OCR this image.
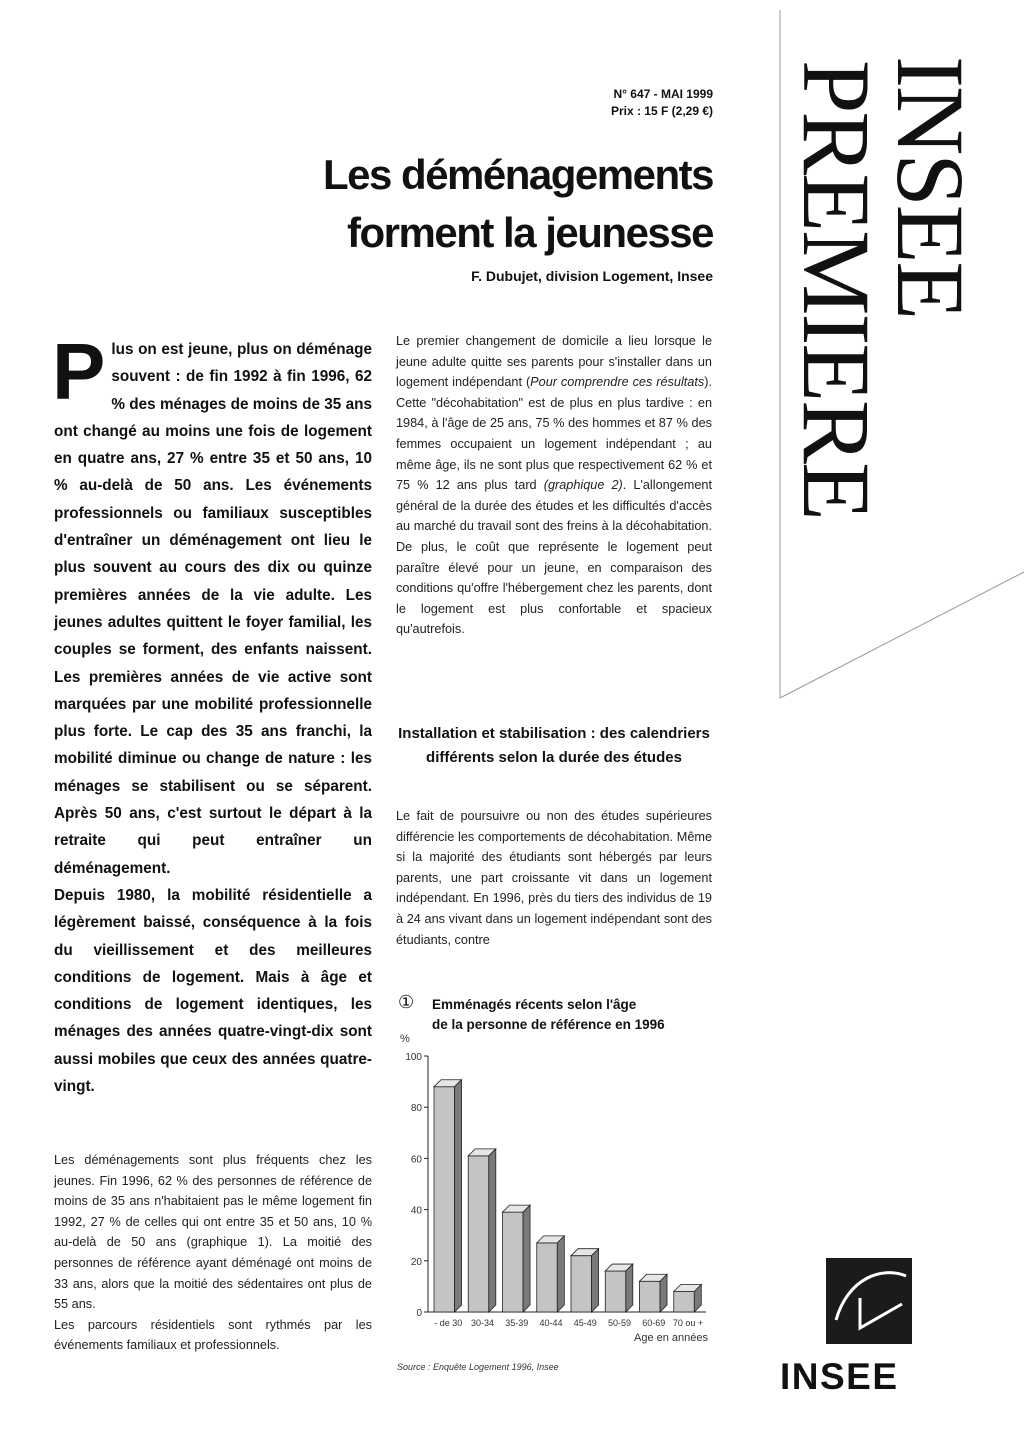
N° 647 - MAI 1999
Prix : 15 F (2,29 €)
Les déménagements
forment la jeunesse
F. Dubujet, division Logement, Insee INSEE
PREMIERE

Plus on est jeune, plus on déménage souvent : de fin 1992 à fin 1996, 62 % des ménages de moins de 35 ans ont changé au moins une fois de logement en quatre ans, 27 % entre 35 et 50 ans, 10 % au-delà de 50 ans. Les événements professionnels ou familiaux susceptibles d'entraîner un déménagement ont lieu le plus souvent au cours des dix ou quinze premières années de la vie adulte. Les jeunes adultes quittent le foyer familial, les couples se forment, des enfants naissent. Les premières années de vie active sont marquées par une mobilité professionnelle plus forte. Le cap des 35 ans franchi, la mobilité diminue ou change de nature : les ménages se stabilisent ou se séparent. Après 50 ans, c'est surtout le départ à la retraite qui peut entraîner un déménagement.

Depuis 1980, la mobilité résidentielle a légèrement baissé, conséquence à la fois du vieillissement et des meilleures conditions de logement. Mais à âge et conditions de logement identiques, les ménages des années quatre-vingt-dix sont aussi mobiles que ceux des années quatre-vingt.

Les déménagements sont plus fréquents chez les jeunes. Fin 1996, 62 % des personnes de référence de moins de 35 ans n'habitaient pas le même logement fin 1992, 27 % de celles qui ont entre 35 et 50 ans, 10 % au-delà de 50 ans (graphique 1). La moitié des personnes de référence ayant déménagé ont moins de 33 ans, alors que la moitié des sédentaires ont plus de 55 ans.

Les parcours résidentiels sont rythmés par les événements familiaux et professionnels.

Le premier changement de domicile a lieu lorsque le jeune adulte quitte ses parents pour s'installer dans un logement indépendant (Pour comprendre ces résultats). Cette "décohabitation" est de plus en plus tardive : en 1984, à l'âge de 25 ans, 75 % des hommes et 87 % des femmes occupaient un logement indépendant ; au même âge, ils ne sont plus que respectivement 62 % et 75 % 12 ans plus tard (graphique 2). L'allongement général de la durée des études et les difficultés d'accès au marché du travail sont des freins à la décohabitation. De plus, le coût que représente le logement peut paraître élevé pour un jeune, en comparaison des conditions qu'offre l'hébergement chez les parents, dont le logement est plus confortable et spacieux qu'autrefois.
Installation et stabilisation : des calendriers différents selon la durée des études
Le fait de poursuivre ou non des études supérieures différencie les comportements de décohabitation. Même si la majorité des étudiants sont hébergés par leurs parents, une part croissante vit dans un logement indépendant. En 1996, près du tiers des individus de 19 à 24 ans vivant dans un logement indépendant sont des étudiants, contre
① Emménagés récents selon l'âge
de la personne de référence en 1996
%
0
20
40
60
80
100
- de 30 30-34 35-39 40-44 45-49 50-59 60-69 70 ou +
Age en années
Source : Enquête Logement 1996, Insee	INSEE
